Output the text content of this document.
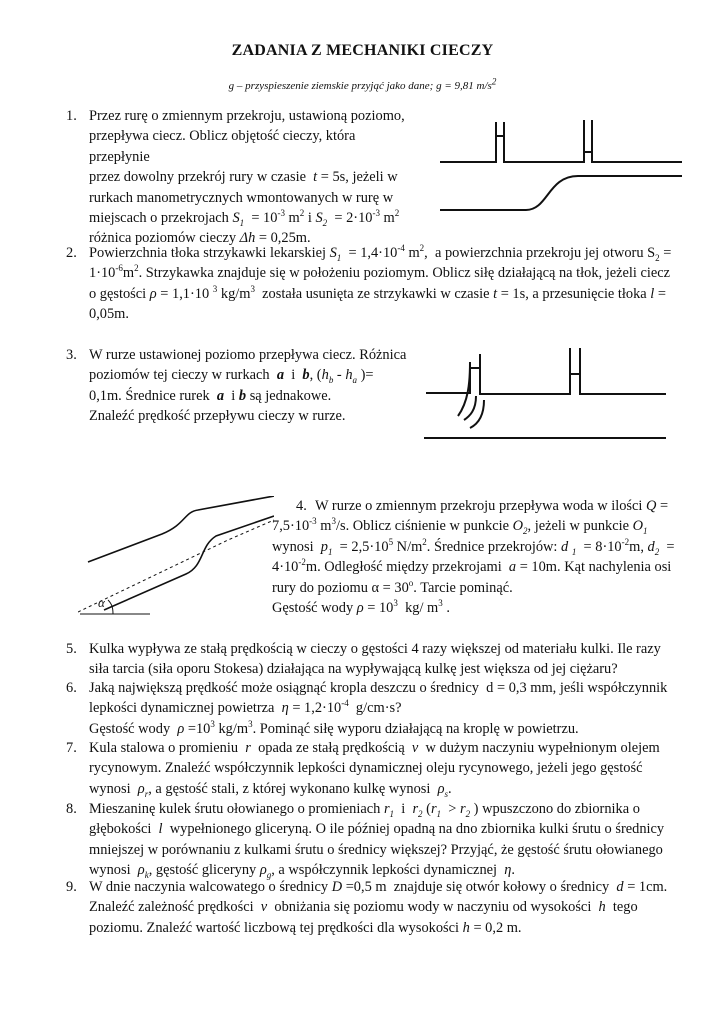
ZADANIA Z MECHANIKI CIECZY
g – przyspieszenie ziemskie przyjąć jako dane; g = 9,81 $m/s^2$
1. Przez rurę o zmiennym przekroju, ustawioną poziomo,
przepływa ciecz. Oblicz objętość cieczy, która przepłynie
przez dowolny przekrój rury w czasie  t = 5s, jeżeli w
rurkach manometrycznych wmontowanych w rurę w
miejscach o przekrojach $S_1 = 10^{-3}$ $m^2$ i $S_2 = 2\cdot 10^{-3}$ $m^2$
różnica poziomów cieczy Δh = 0,25m.
2. Powierzchnia tłoka strzykawki lekarskiej $S_1 = 1,4\cdot 10^{-4}$ $m^2$,  a powierzchnia przekroju jej otworu $S_2$ =
$1\cdot 10^{-6}m^2$. Strzykawka znajduje się w położeniu poziomym. Oblicz siłę działającą na tłok, jeżeli ciecz
o gęstości ρ = 1,1·10 $^3$ $kg/m^3$  została usunięta ze strzykawki w czasie t = 1s, a przesunięcie tłoka l =
0,05m.
3. W rurze ustawionej poziomo przepływa ciecz. Różnica
poziomów tej cieczy w rurkach  a  i  b, ($h_b - h_a$ )=
0,1m. Średnice rurek  a  i b są jednakowe.
Znaleźć prędkość przepływu cieczy w rurze.
4. W rurze o zmiennym przekroju przepływa woda w ilości Q =
$7,5\cdot 10^{-3}$ $m^3/s$. Oblicz ciśnienie w punkcie $O_2$, jeżeli w punkcie $O_1$
wynosi  $p_1 = 2,5\cdot 10^5$ $N/m^2$. Średnice przekrojów: d $_1 = 8\cdot 10^{-2}m$, $d_2$  =
$4\cdot 10^{-2}m$. Odległość między przekrojami  a = 10m. Kąt nachylenia osi
rury do poziomu $\alpha = 30^o$. Tarcie pominąć.
Gęstość wody $\rho = 10^3$  kg/ $m^3$ .
α
5. Kulka wypływa ze stałą prędkością w cieczy o gęstości 4 razy większej od materiału kulki. Ile razy
siła tarcia (siła oporu Stokesa) działająca na wypływającą kulkę jest większa od jej ciężaru?
6. Jaką największą prędkość może osiągnąć kropla deszczu o średnicy  d = 0,3 mm, jeśli współczynnik
lepkości dynamicznej powietrza  $\eta = 1,2\cdot 10^{-4}$  g/cm·s?
Gęstość wody  $\rho =10^3$ $kg/m^3$. Pominąć siłę wyporu działającą na kroplę w powietrzu.
7. Kula stalowa o promieniu  r  opada ze stałą prędkością  v  w dużym naczyniu wypełnionym olejem
rycynowym. Znaleźć współczynnik lepkości dynamicznej oleju rycynowego, jeżeli jego gęstość
wynosi  $\rho_r$, a gęstość stali, z której wykonano kulkę wynosi  $\rho_s$.
8. Mieszaninę kulek śrutu ołowianego o promieniach $r_1$  i  $r_2$ ($r_1 > r_2$ ) wpuszczono do zbiornika o
głębokości  l  wypełnionego gliceryną. O ile później opadną na dno zbiornika kulki śrutu o średnicy
mniejszej w porównaniu z kulkami śrutu o średnicy większej? Przyjąć, że gęstość śrutu ołowianego
wynosi  $\rho_k$, gęstość gliceryny $\rho_g$, a współczynnik lepkości dynamicznej  η.
9. W dnie naczynia walcowatego o średnicy D =0,5 m  znajduje się otwór kołowy o średnicy  d = 1cm.
Znaleźć zależność prędkości  v  obniżania się poziomu wody w naczyniu od wysokości  h  tego
poziomu. Znaleźć wartość liczbową tej prędkości dla wysokości h = 0,2 m.
